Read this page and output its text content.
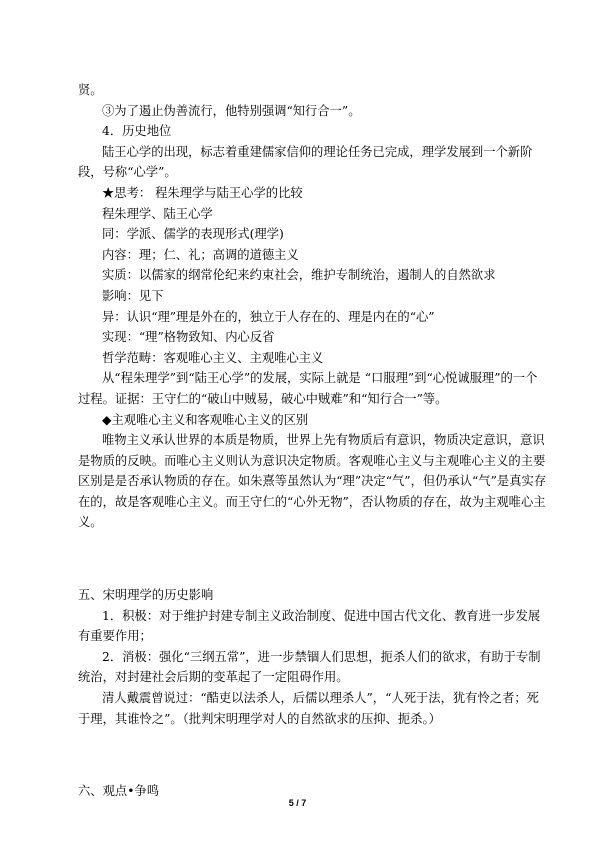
贤。

③为了遏止伪善流行，他特别强调“知行合一”。

4．历史地位

陆王心学的出现，标志着重建儒家信仰的理论任务已完成，理学发展到一个新阶段，号称“心学”。

★思考： 程朱理学与陆王心学的比较

程朱理学、陆王心学

同：学派、儒学的表现形式(理学)

内容：理；仁、礼；高调的道德主义

实质：以儒家的纲常伦纪来约束社会，维护专制统治，遏制人的自然欲求

影响：见下

异：认识“理”理是外在的，独立于人存在的、理是内在的“心”

实现：“理”格物致知、内心反省

哲学范畴：客观唯心主义、主观唯心主义

从“程朱理学”到“陆王心学”的发展，实际上就是 “口服理”到“心悦诚服理”的一个过程。证据：王守仁的“破山中贼易，破心中贼难”和“知行合一”等。

◆主观唯心主义和客观唯心主义的区别

唯物主义承认世界的本质是物质，世界上先有物质后有意识，物质决定意识，意识是物质的反映。而唯心主义则认为意识决定物质。客观唯心主义与主观唯心主义的主要区别是是否承认物质的存在。如朱熹等虽然认为“理”决定“气”，但仍承认“气”是真实存在的，故是客观唯心主义。而王守仁的“心外无物”，否认物质的存在，故为主观唯心主义。

五、宋明理学的历史影响

1．积极：对于维护封建专制主义政治制度、促进中国古代文化、教育进一步发展有重要作用；

2．消极：强化“三纲五常”，进一步禁锢人们思想，扼杀人们的欲求，有助于专制统治，对封建社会后期的变革起了一定阻碍作用。

清人戴震曾说过：“酷吏以法杀人，后儒以理杀人”，“人死于法，犹有怜之者；死于理，其谁怜之”。（批判宋明理学对人的自然欲求的压抑、扼杀。）

六、观点•争鸣

5 / 7
